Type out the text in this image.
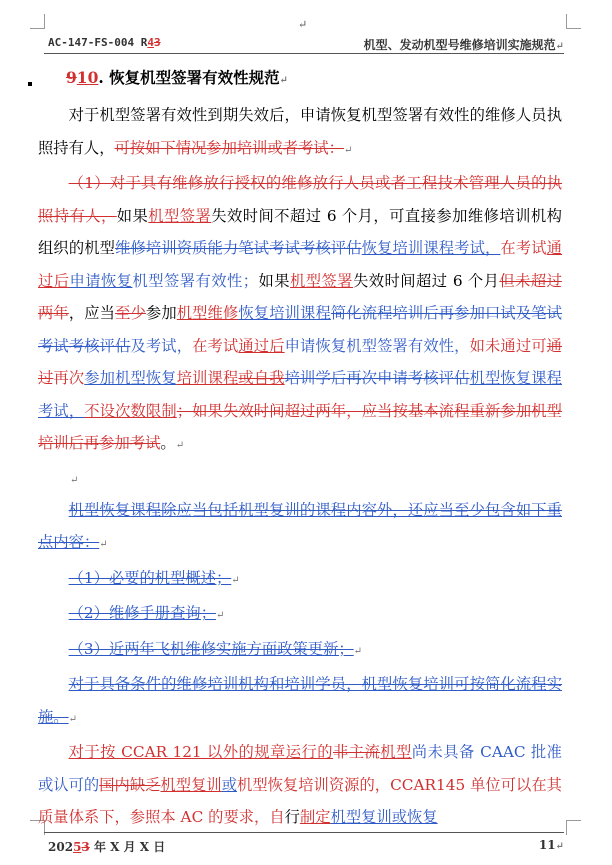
↵
AC-147-FS-004 R43	机型、发动机型号维修培训实施规范↵
910. 恢复机型签署有效性规范↵

对于机型签署有效性到期失效后，申请恢复机型签署有效性的维修人员执照持有人，可按如下情况参加培训或者考试：↵

（1）对于具有维修放行授权的维修放行人员或者工程技术管理人员的执照持有人，如果机型签署失效时间不超过 6 个月，可直接参加维修培训机构组织的机型维修培训资质能力笔试考试考核评估恢复培训课程考试，在考试通过后申请恢复机型签署有效性；如果机型签署失效时间超过 6 个月但未超过两年，应当至少参加机型维修恢复培训课程简化流程培训后再参加口试及笔试考试考核评估及考试，在考试通过后申请恢复机型签署有效性，如未通过可通过再次参加机型恢复培训课程或自我培训学后再次申请考核评估机型恢复课程考试，不设次数限制；如果失效时间超过两年，应当按基本流程重新参加机型培训后再参加考试。↵

↵

机型恢复课程除应当包括机型复训的课程内容外，还应当至少包含如下重点内容：↵

（1）必要的机型概述；↵

（2）维修手册查询；↵

（3）近两年飞机维修实施方面政策更新；↵

对于具备条件的维修培训机构和培训学员，机型恢复培训可按简化流程实施。↵

对于按 CCAR 121 以外的规章运行的非主流机型尚未具备 CAAC 批准或认可的国内缺乏机型复训或机型恢复培训资源的，CCAR145 单位可以在其质量体系下，参照本 AC 的要求，自行制定机型复训或恢复

20253 年 X 月 X 日	11↵
